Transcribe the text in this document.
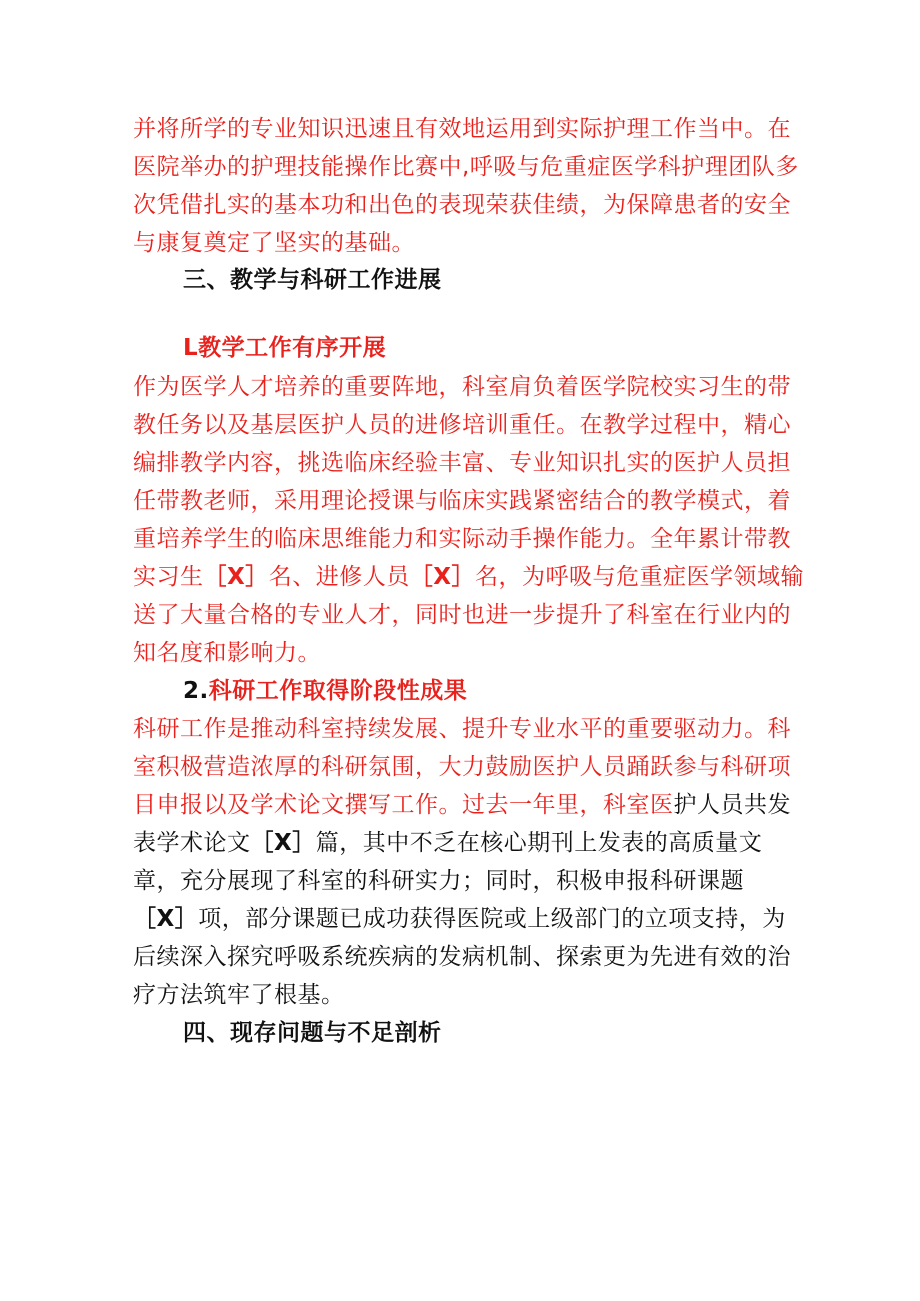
并将所学的专业知识迅速且有效地运用到实际护理工作当中。在
医院举办的护理技能操作比赛中,呼吸与危重症医学科护理团队多
次凭借扎实的基本功和出色的表现荣获佳绩，为保障患者的安全
与康复奠定了坚实的基础。
三、教学与科研工作进展
L教学工作有序开展
作为医学人才培养的重要阵地，科室肩负着医学院校实习生的带
教任务以及基层医护人员的进修培训重任。在教学过程中，精心
编排教学内容，挑选临床经验丰富、专业知识扎实的医护人员担
任带教老师，采用理论授课与临床实践紧密结合的教学模式，着
重培养学生的临床思维能力和实际动手操作能力。全年累计带教
实习生［X］名、进修人员［X］名，为呼吸与危重症医学领域输
送了大量合格的专业人才，同时也进一步提升了科室在行业内的
知名度和影响力。
2.科研工作取得阶段性成果
科研工作是推动科室持续发展、提升专业水平的重要驱动力。科
室积极营造浓厚的科研氛围，大力鼓励医护人员踊跃参与科研项
目申报以及学术论文撰写工作。过去一年里，科室医护人员共发
表学术论文［X］篇，其中不乏在核心期刊上发表的高质量文
章，充分展现了科室的科研实力；同时，积极申报科研课题
［X］项，部分课题已成功获得医院或上级部门的立项支持，为
后续深入探究呼吸系统疾病的发病机制、探索更为先进有效的治
疗方法筑牢了根基。
四、现存问题与不足剖析
